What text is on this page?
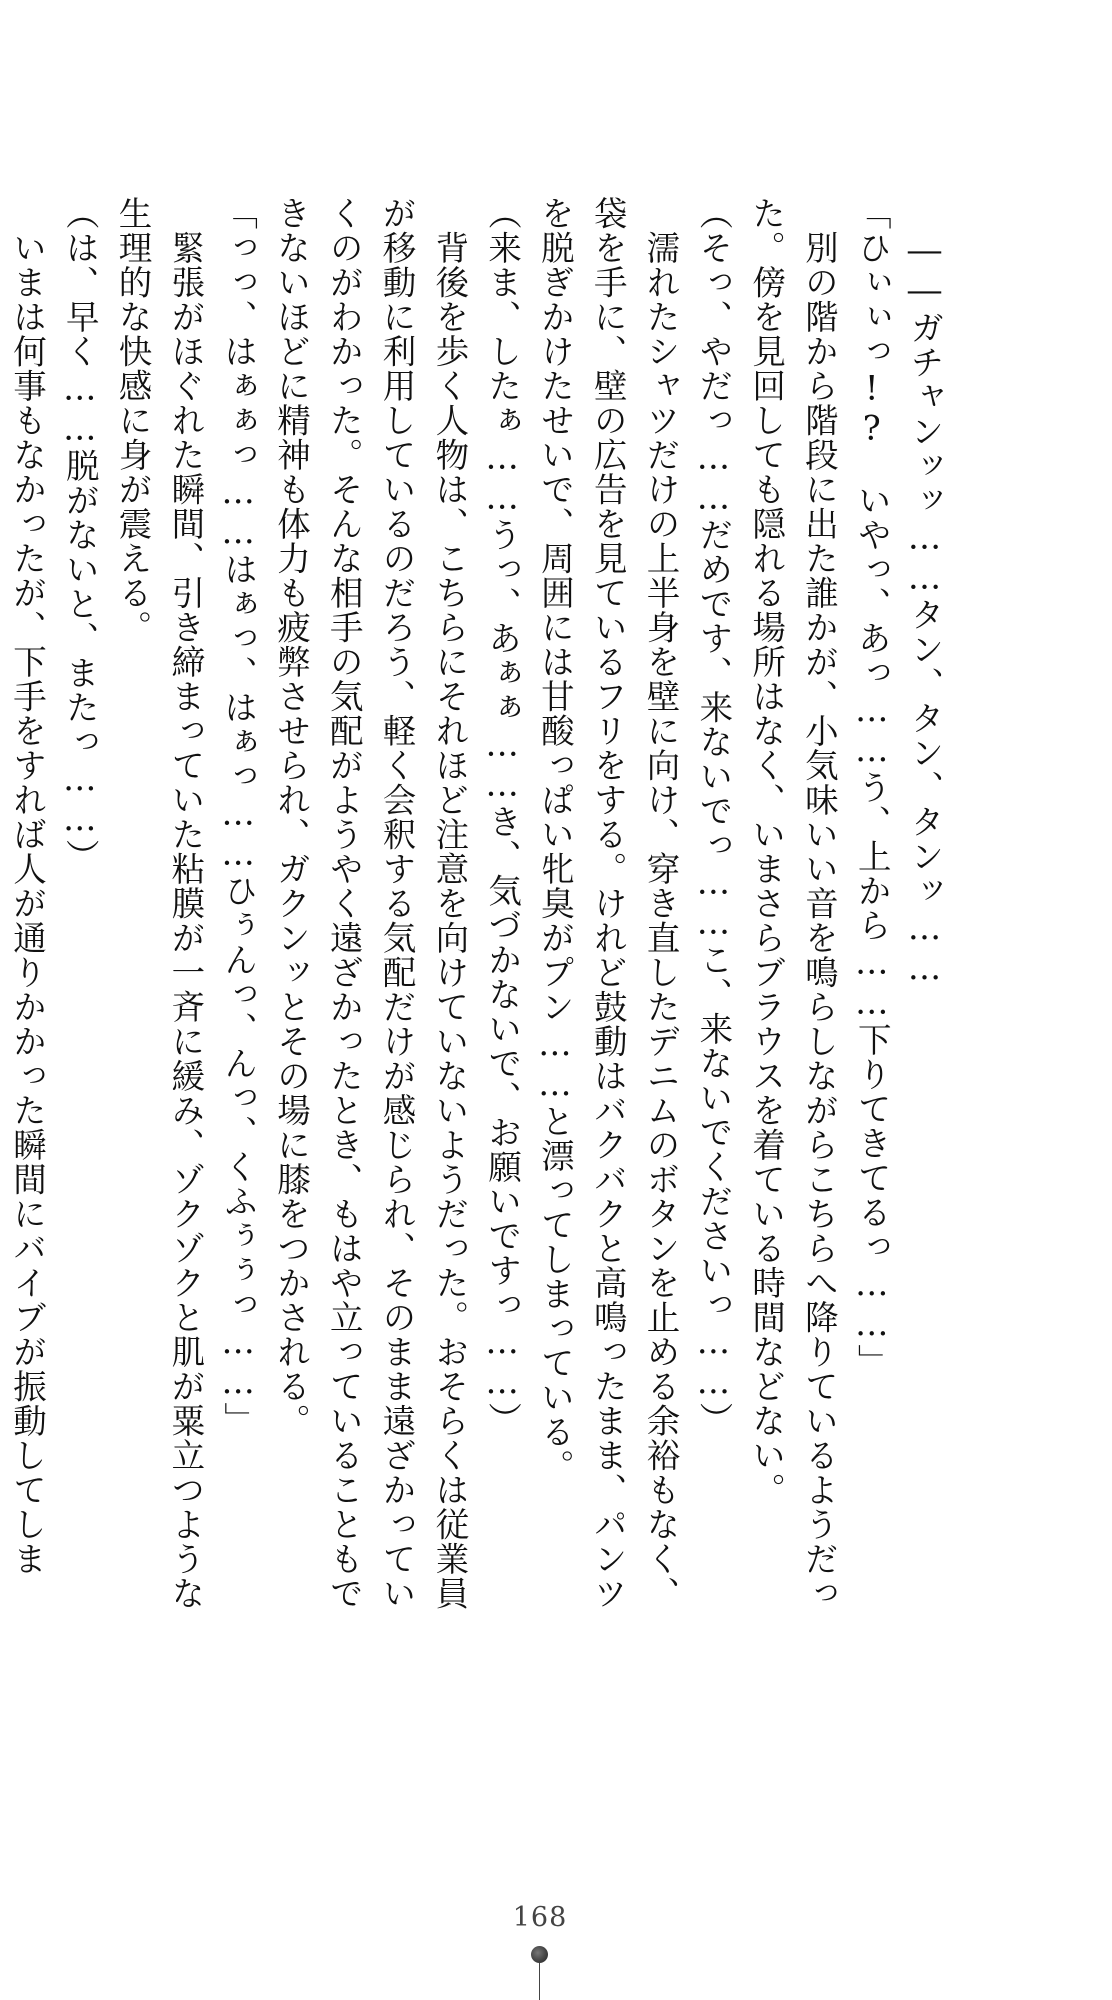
　――ガチャンッッ……タン、タン、タンッ……

「ひぃぃっ!?　いやっ、あっ……う、上から……下りてきてるっ……」

　別の階から階段に出た誰かが、小気味いい音を鳴らしながらこちらへ降りているようだった。傍を見回しても隠れる場所はなく、いまさらブラウスを着ている時間などない。

（そっ、やだっ……だめです、来ないでっ……こ、来ないでくださいっ……）

　濡れたシャツだけの上半身を壁に向け、穿き直したデニムのボタンを止める余裕もなく、袋を手に、壁の広告を見ているフリをする。けれど鼓動はバクバクと高鳴ったまま、パンツを脱ぎかけたせいで、周囲には甘酸っぱい牝臭がプン……と漂ってしまっている。

（来ま、したぁ……うっ、あぁぁ……き、気づかないで、お願いですっ……）

　背後を歩く人物は、こちらにそれほど注意を向けていないようだった。おそらくは従業員が移動に利用しているのだろう、軽く会釈する気配だけが感じられ、そのまま遠ざかっていくのがわかった。そんな相手の気配がようやく遠ざかったとき、もはや立っていることもできないほどに精神も体力も疲弊させられ、ガクンッとその場に膝をつかされる。

「っっ、はぁぁっ……はぁっ、はぁっ……ひぅんっ、んっ、くふぅぅっ……」

　緊張がほぐれた瞬間、引き締まっていた粘膜が一斉に緩み、ゾクゾクと肌が粟立つような生理的な快感に身が震える。

（は、早く……脱がないと、またっ……）

　いまは何事もなかったが、下手をすれば人が通りかかった瞬間にバイブが振動してしま

168
